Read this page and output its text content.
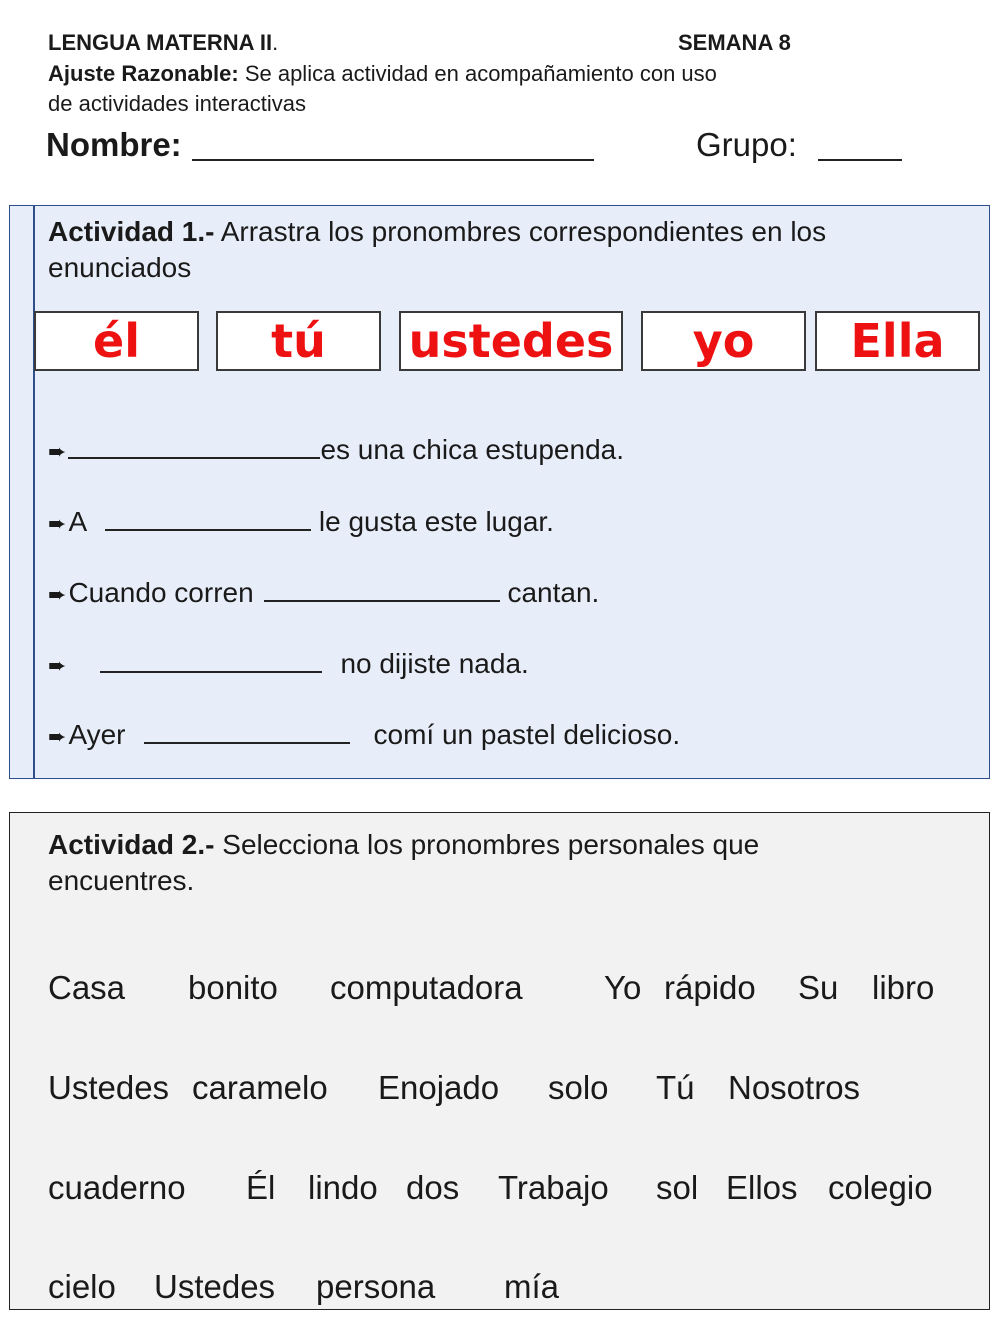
LENGUA MATERNA II.	SEMANA 8
Ajuste Razonable: Se aplica actividad en acompañamiento con uso
de actividades interactivas
Nombre:	Grupo:
Actividad 1.- Arrastra los pronombres correspondientes en los
enunciados
él	tú	ustedes	yo	Ella
➨	es una chica estupenda.
➨A	le gusta este lugar.
➨Cuando corren	cantan.
➨	no dijiste nada.
➨Ayer	comí un pastel delicioso.
Actividad 2.- Selecciona los pronombres personales que
encuentres.
Casa bonito computadora Yo rápido Su libro
Ustedes caramelo Enojado solo Tú Nosotros
cuaderno Él lindo dos Trabajo sol Ellos colegio
cielo Ustedes persona mía
